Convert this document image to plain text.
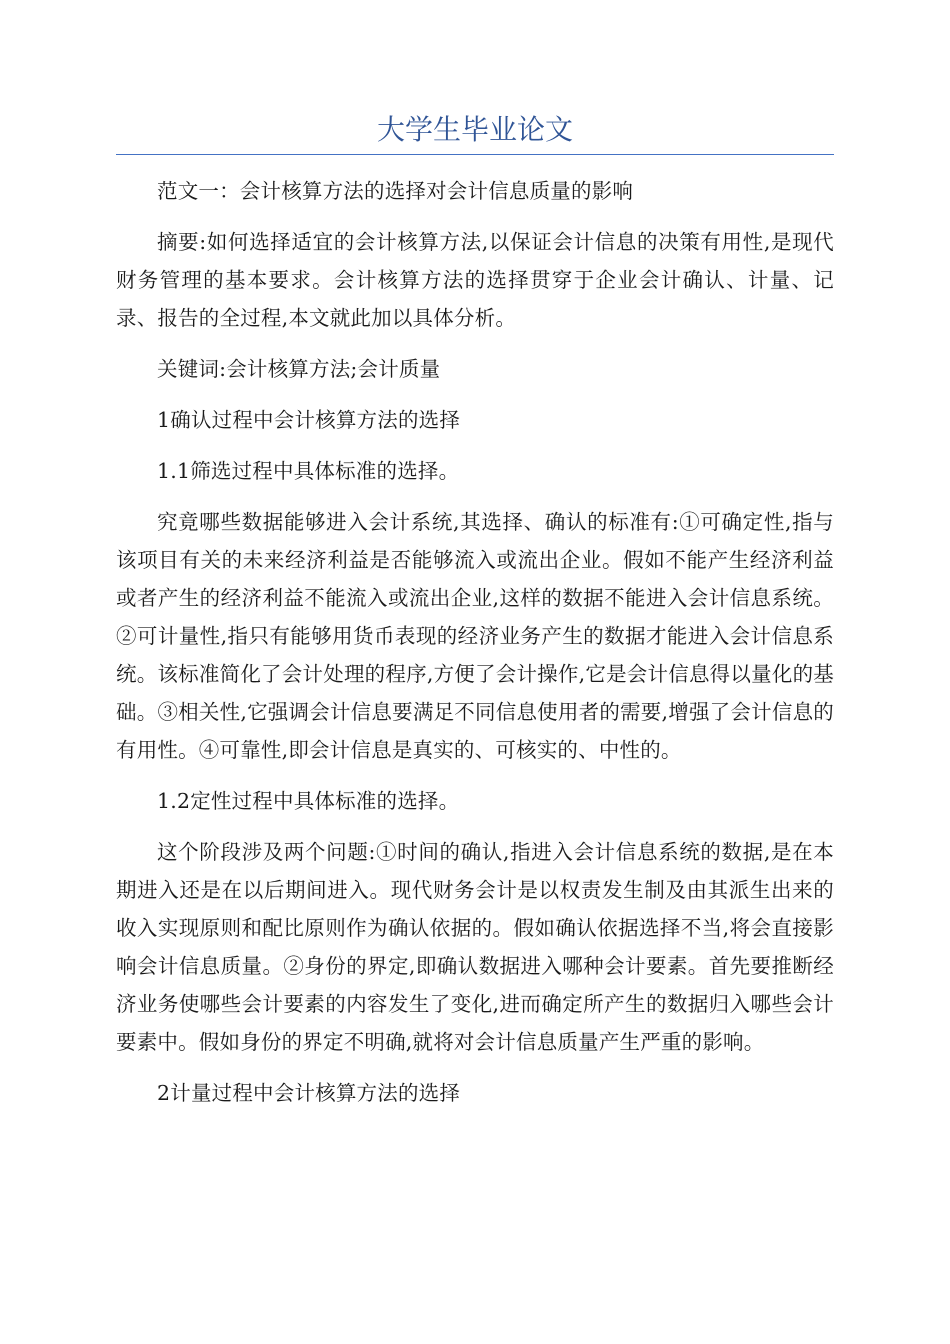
大学生毕业论文

范文一：会计核算方法的选择对会计信息质量的影响

摘要:如何选择适宜的会计核算方法,以保证会计信息的决策有用性,是现代财务管理的基本要求。会计核算方法的选择贯穿于企业会计确认、计量、记录、报告的全过程,本文就此加以具体分析。

关键词:会计核算方法;会计质量

1确认过程中会计核算方法的选择

1.1筛选过程中具体标准的选择。

究竟哪些数据能够进入会计系统,其选择、确认的标准有:①可确定性,指与该项目有关的未来经济利益是否能够流入或流出企业。假如不能产生经济利益或者产生的经济利益不能流入或流出企业,这样的数据不能进入会计信息系统。②可计量性,指只有能够用货币表现的经济业务产生的数据才能进入会计信息系统。该标准简化了会计处理的程序,方便了会计操作,它是会计信息得以量化的基础。③相关性,它强调会计信息要满足不同信息使用者的需要,增强了会计信息的有用性。④可靠性,即会计信息是真实的、可核实的、中性的。

1.2定性过程中具体标准的选择。

这个阶段涉及两个问题:①时间的确认,指进入会计信息系统的数据,是在本期进入还是在以后期间进入。现代财务会计是以权责发生制及由其派生出来的收入实现原则和配比原则作为确认依据的。假如确认依据选择不当,将会直接影响会计信息质量。②身份的界定,即确认数据进入哪种会计要素。首先要推断经济业务使哪些会计要素的内容发生了变化,进而确定所产生的数据归入哪些会计要素中。假如身份的界定不明确,就将对会计信息质量产生严重的影响。

2计量过程中会计核算方法的选择
